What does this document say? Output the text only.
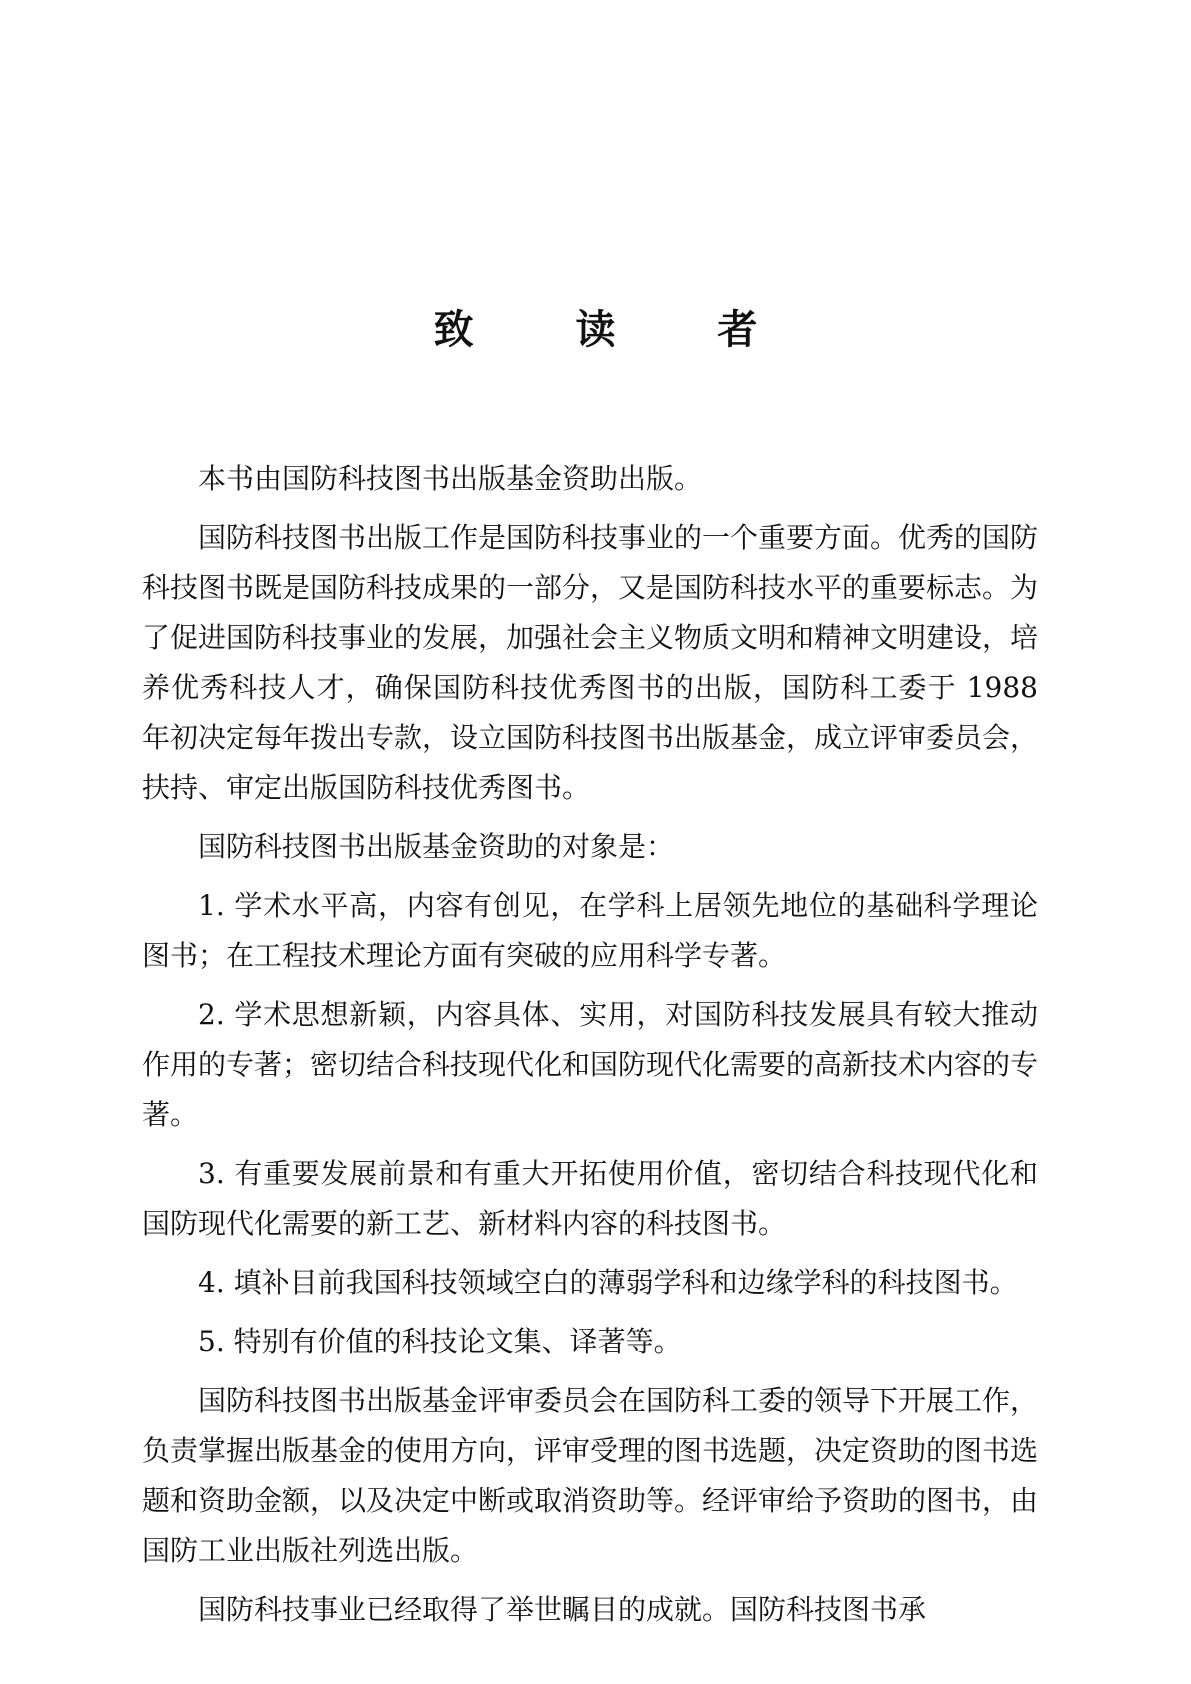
致 读 者

本书由国防科技图书出版基金资助出版。

国防科技图书出版工作是国防科技事业的一个重要方面。优秀的国防科技图书既是国防科技成果的一部分，又是国防科技水平的重要标志。为了促进国防科技事业的发展，加强社会主义物质文明和精神文明建设，培养优秀科技人才，确保国防科技优秀图书的出版，国防科工委于 1988 年初决定每年拨出专款，设立国防科技图书出版基金，成立评审委员会，扶持、审定出版国防科技优秀图书。

国防科技图书出版基金资助的对象是：

1. 学术水平高，内容有创见，在学科上居领先地位的基础科学理论图书；在工程技术理论方面有突破的应用科学专著。

2. 学术思想新颖，内容具体、实用，对国防科技发展具有较大推动作用的专著；密切结合科技现代化和国防现代化需要的高新技术内容的专著。

3. 有重要发展前景和有重大开拓使用价值，密切结合科技现代化和国防现代化需要的新工艺、新材料内容的科技图书。

4. 填补目前我国科技领域空白的薄弱学科和边缘学科的科技图书。

5. 特别有价值的科技论文集、译著等。

国防科技图书出版基金评审委员会在国防科工委的领导下开展工作，负责掌握出版基金的使用方向，评审受理的图书选题，决定资助的图书选题和资助金额，以及决定中断或取消资助等。经评审给予资助的图书，由国防工业出版社列选出版。

国防科技事业已经取得了举世瞩目的成就。国防科技图书承
